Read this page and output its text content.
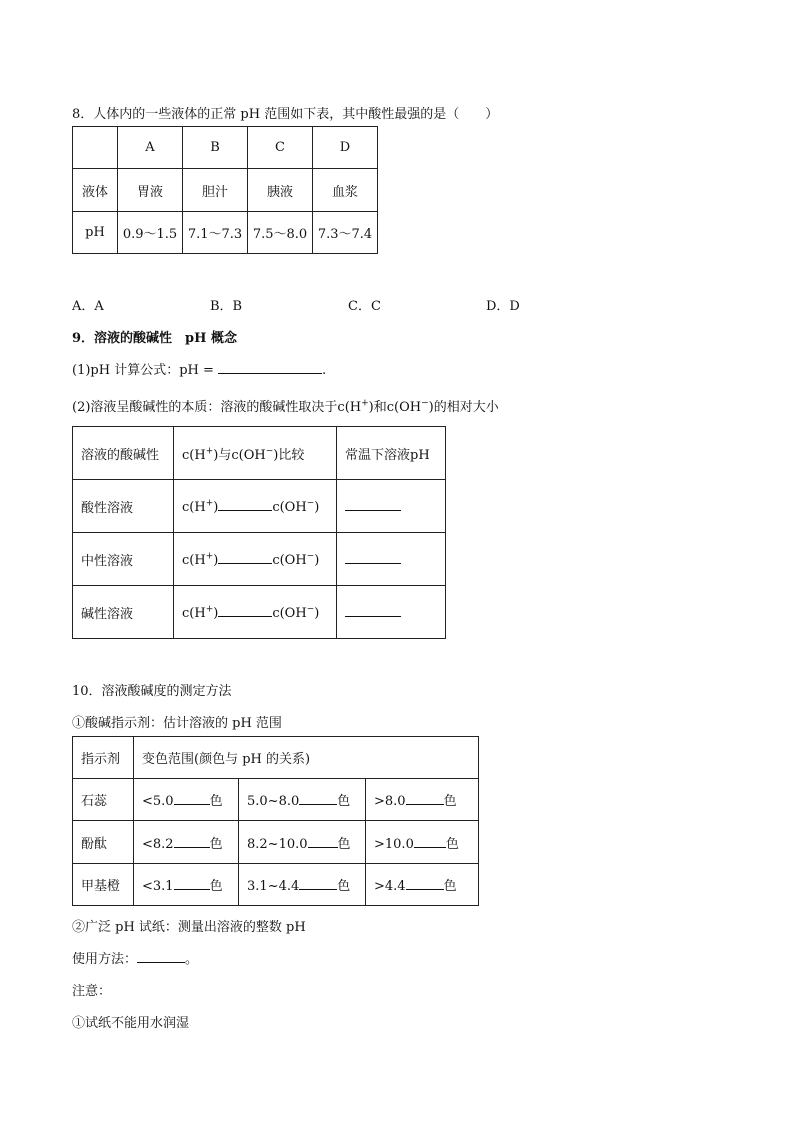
8．人体内的一些液体的正常 pH 范围如下表，其中酸性最强的是（　　）
	A	B	C	D
液体	胃液	胆汁	胰液	血浆
pH	0.9～1.5	7.1～7.3	7.5～8.0	7.3～7.4
A．A	B．B	C．C	D．D
9．溶液的酸碱性　pH 概念
(1)pH 计算公式：pH =	.
(2)溶液呈酸碱性的本质：溶液的酸碱性取决于c(H+)和c(OH−)的相对大小
溶液的酸碱性	c(H+)与c(OH−)比较	常温下溶液pH
酸性溶液	c(H+) c(OH−)	
中性溶液	c(H+) c(OH−)	
碱性溶液	c(H+) c(OH−)	
10．溶液酸碱度的测定方法
①酸碱指示剂：估计溶液的 pH 范围
指示剂	变色范围(颜色与 pH 的关系)		
石蕊	<5.0 色	5.0~8.0 色	>8.0 色
酚酞	<8.2 色	8.2~10.0 色	>10.0 色
甲基橙	<3.1 色	3.1~4.4 色	>4.4 色
②广泛 pH 试纸：测量出溶液的整数 pH
使用方法：	。
注意：
①试纸不能用水润湿
